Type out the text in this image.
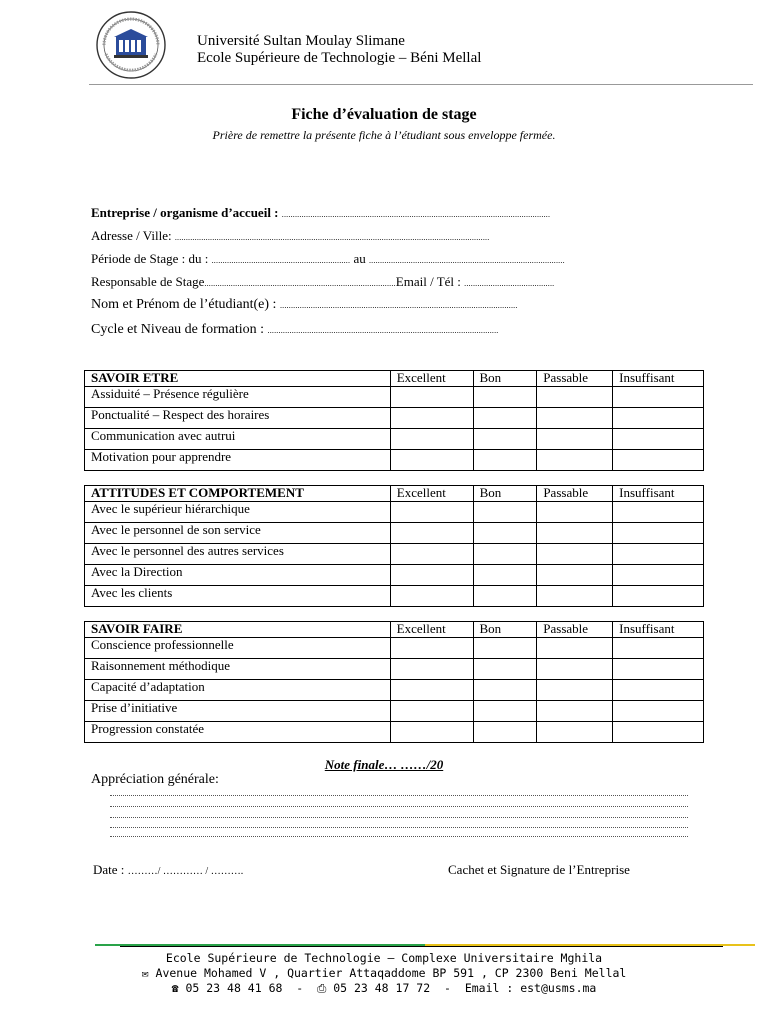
Université Sultan Moulay Slimane
Ecole Supérieure de Technologie – Béni Mellal
Fiche d’évaluation de stage
Prière de remettre la présente fiche à l’étudiant sous enveloppe fermée.
Entreprise / organisme d’accueil : ..........................................................................................................................
Adresse / Ville: ...............................................................................................................................................
Période de Stage : du : ............................................................... au .........................................................................................
Responsable de Stage.......................................................................................Email / Tél : .........................................
Nom et Prénom de l’étudiant(e) : ............................................................................................................
Cycle et Niveau de formation : .........................................................................................................
SAVOIR ETRE	Excellent	Bon	Passable	Insuffisant
Assiduité – Présence régulière				
Ponctualité – Respect des horaires				
Communication avec autrui				
Motivation pour apprendre				
ATTITUDES ET COMPORTEMENT	Excellent	Bon	Passable	Insuffisant
Avec le supérieur hiérarchique				
Avec le personnel de son service				
Avec le personnel des autres services				
Avec la Direction				
Avec les clients				
SAVOIR FAIRE	Excellent	Bon	Passable	Insuffisant
Conscience professionnelle				
Raisonnement méthodique				
Capacité d’adaptation				
Prise d’initiative				
Progression constatée				
Note finale… ……/20
Appréciation générale:
Date : ………/ ………… / ……….	Cachet et Signature de l’Entreprise
Ecole Supérieure de Technologie – Complexe Universitaire Mghila
✉ Avenue Mohamed V , Quartier Attaqaddome BP 591 , CP 2300 Beni Mellal
☎ 05 23 48 41 68 - ⎙ 05 23 48 17 72 - Email : est@usms.ma
